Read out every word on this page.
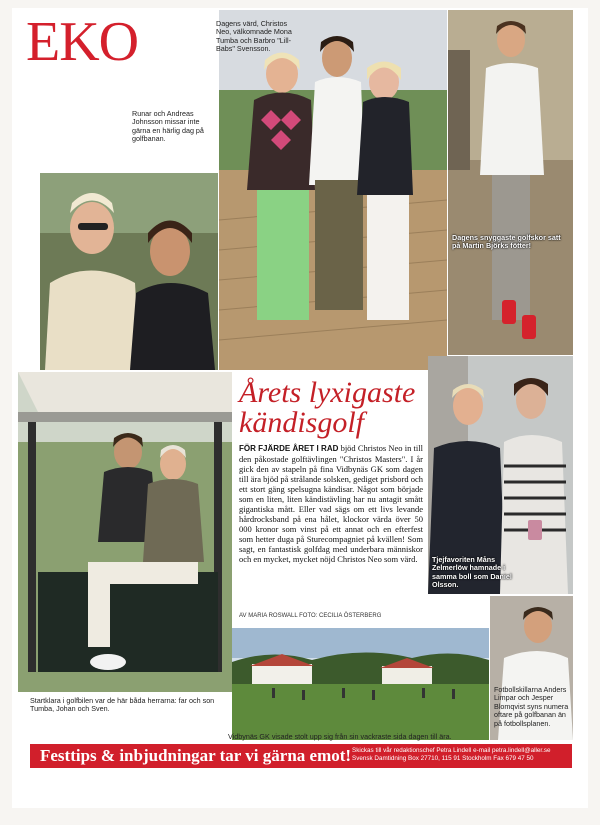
EKO
Runar och Andreas Johnsson missar inte gärna en härlig dag på golfbanan.
Dagens värd, Christos Neo, välkomnade Mona Tumba och Barbro "Lill-Babs" Svensson.
Dagens snyggaste golfskor satt på Martin Björks fötter!
Startklara i golfbilen var de här båda herrarna: far och son Tumba, Johan och Sven.
Årets lyxigaste kändisgolf
FÖR FJÄRDE ÅRET I RAD bjöd Christos Neo in till den påkostade golftävlingen "Christos Masters". I år gick den av stapeln på fina Vidbynäs GK som dagen till ära bjöd på strålande solsken, gediget prisbord och ett stort gäng spelsugna kändisar. Något som började som en liten, liten kändistävling har nu antagit smått gigantiska mått. Eller vad sägs om ett livs levande hårdrocksband på ena hålet, klockor värda över 50 000 kronor som vinst på ett annat och en efterfest som hetter duga på Sturecompagniet på kvällen! Som sagt, en fantastisk golfdag med underbara människor och en mycket, mycket nöjd Christos Neo som värd.
AV MARIA ROSWALL FOTO: CECILIA ÖSTERBERG
Tjejfavoriten Måns Zelmerlöw hamnade i samma boll som Daniel Olsson.
Vidbynäs GK visade stolt upp sig från sin vackraste sida dagen till ära.
Fotbollskillarna Anders Limpar och Jesper Blomqvist syns numera oftare på golfbanan än på fotbollsplanen.
Festtips & inbjudningar tar vi gärna emot! Skickas till vår redaktionschef Petra Lindell e-mail petra.lindell@aller.se
Svensk Damtidning Box 27710, 115 91 Stockholm Fax 679 47 50
